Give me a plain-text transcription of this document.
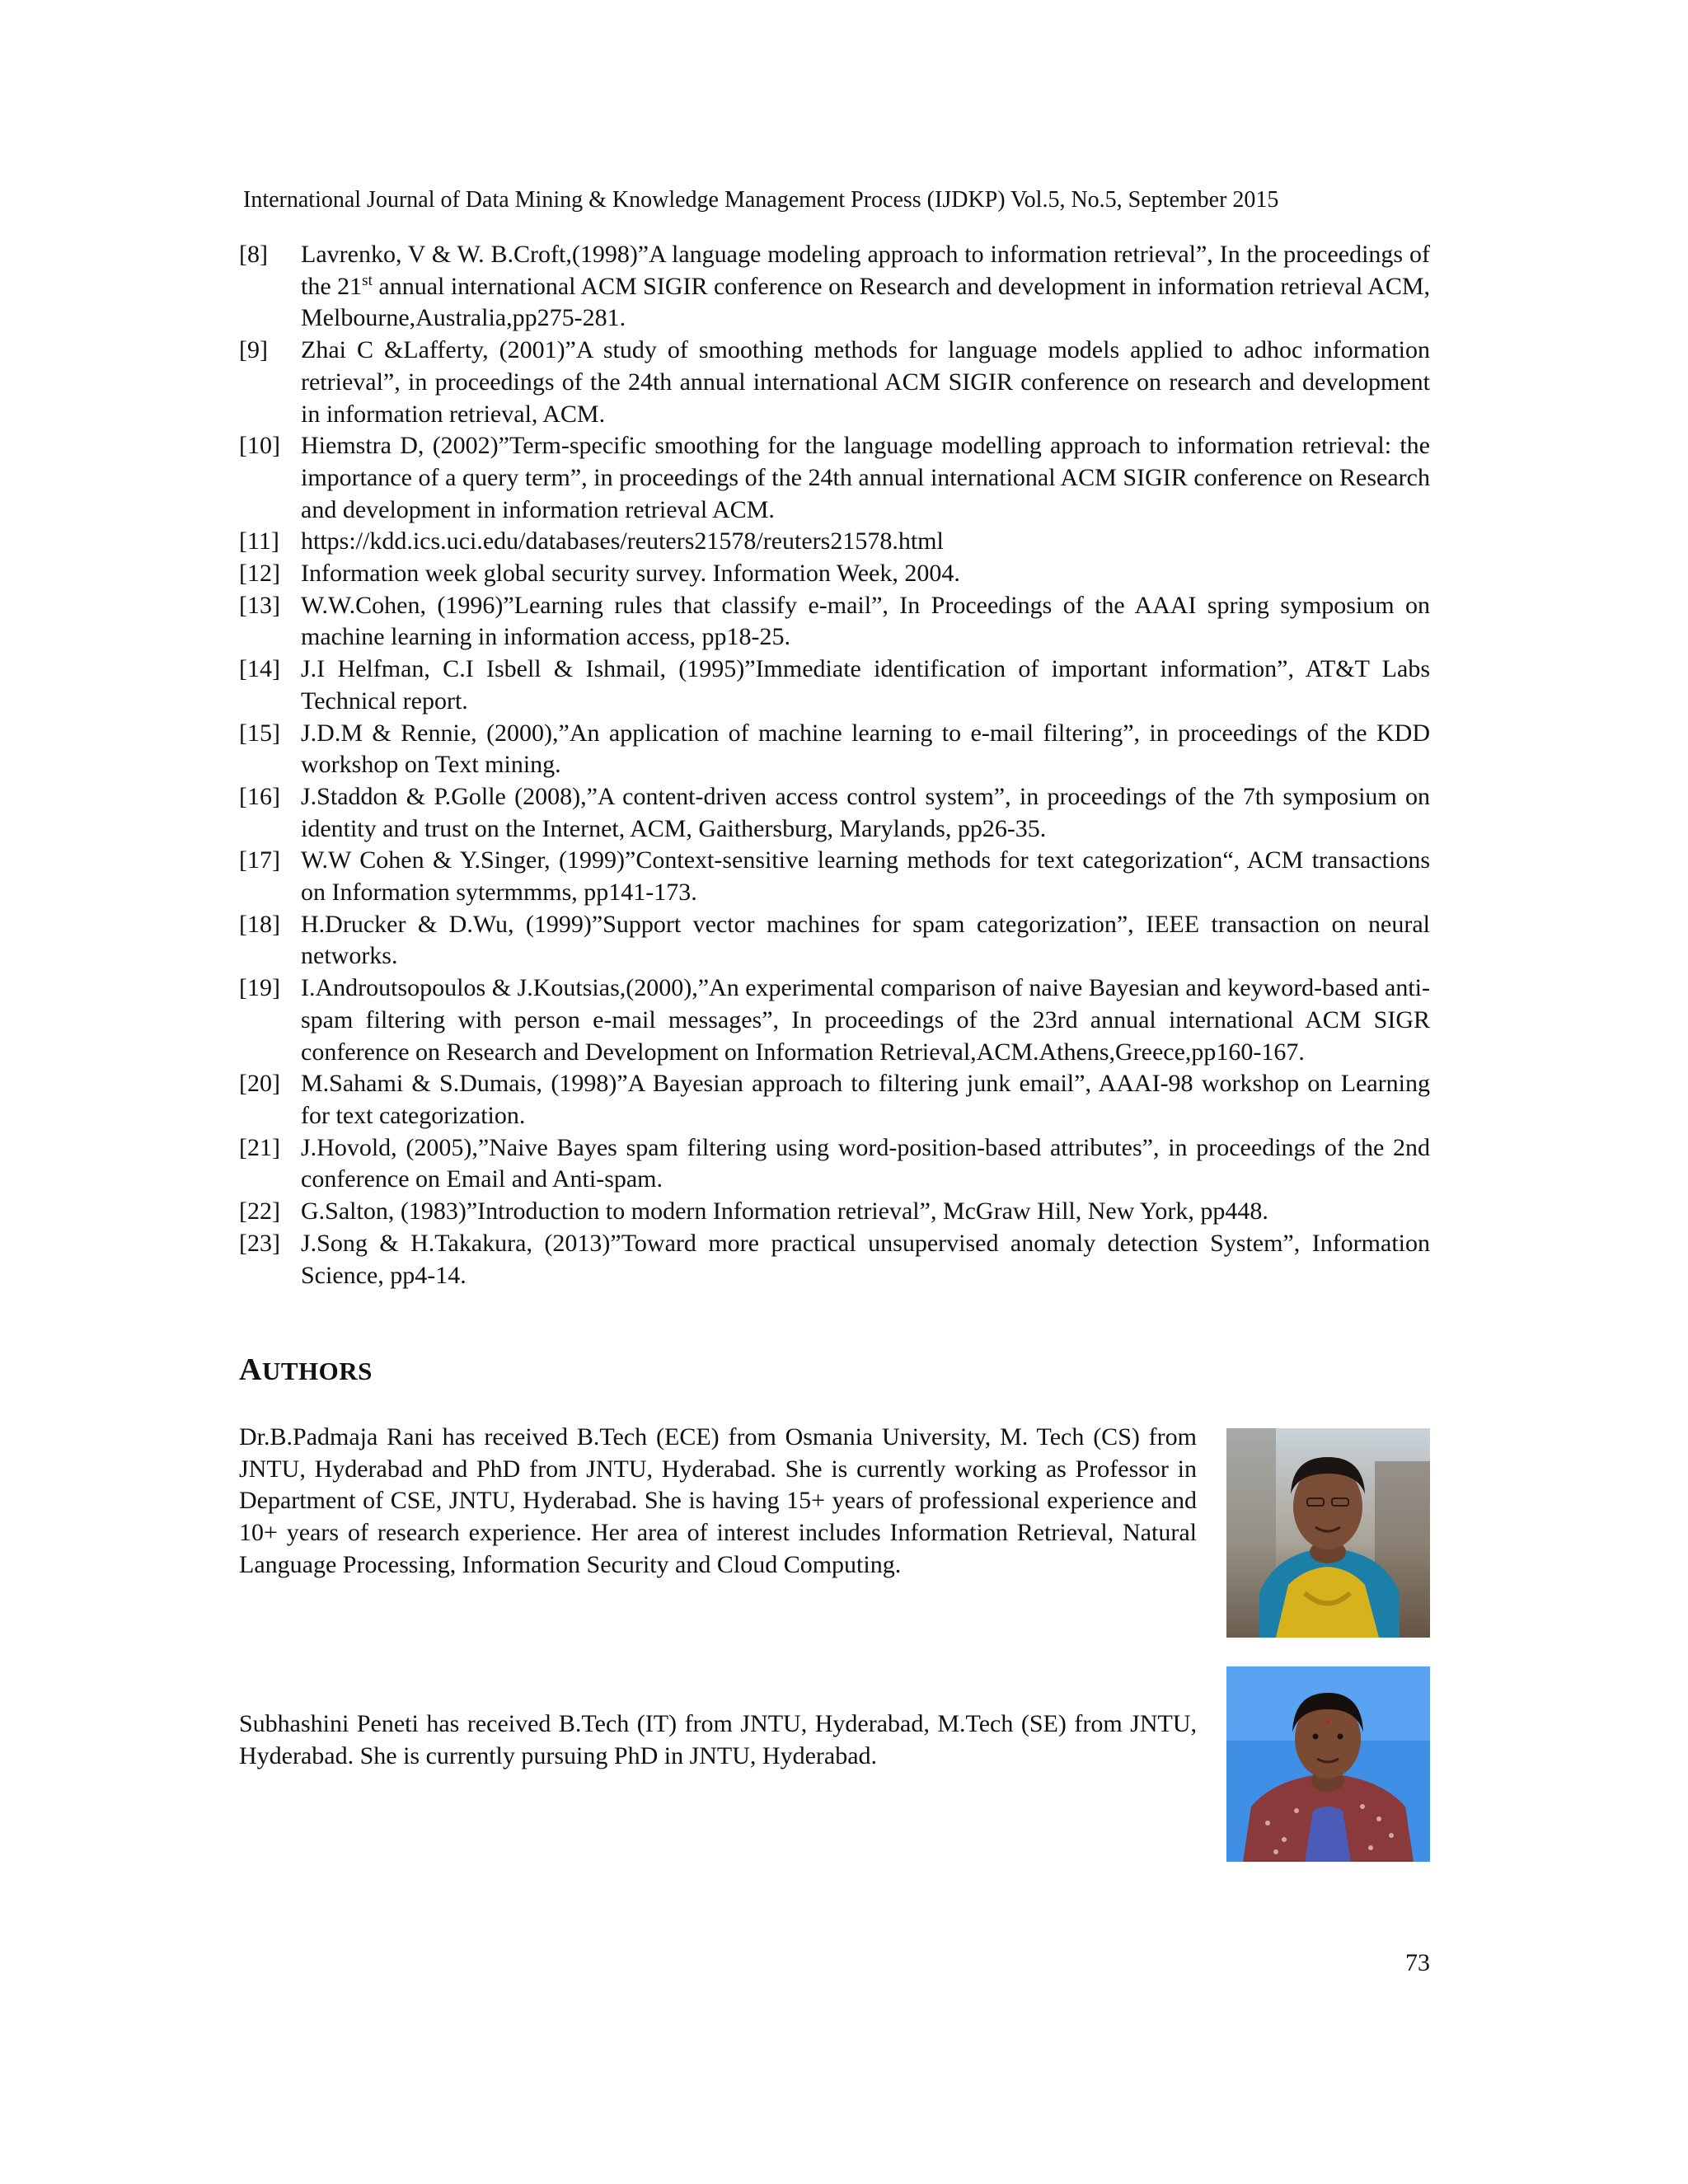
International Journal of Data Mining & Knowledge Management Process (IJDKP) Vol.5, No.5, September 2015
[8]	Lavrenko, V & W. B.Croft,(1998)”A language modeling approach to information retrieval”, In the proceedings of the 21st annual international ACM SIGIR conference on Research and development in information retrieval ACM, Melbourne,Australia,pp275-281.
[9]	Zhai C &Lafferty, (2001)”A study of smoothing methods for language models applied to adhoc information retrieval”, in proceedings of the 24th annual international ACM SIGIR conference on research and development in information retrieval, ACM.
[10] Hiemstra D, (2002)”Term-specific smoothing for the language modelling approach to information retrieval: the importance of a query term”, in proceedings of the 24th annual international ACM SIGIR conference on Research and development in information retrieval ACM.
[11] https://kdd.ics.uci.edu/databases/reuters21578/reuters21578.html
[12] Information week global security survey. Information Week, 2004.
[13] W.W.Cohen, (1996)”Learning rules that classify e-mail”, In Proceedings of the AAAI spring symposium on machine learning in information access, pp18-25.
[14] J.I Helfman, C.I Isbell & Ishmail, (1995)”Immediate identification of important information”, AT&T Labs Technical report.
[15] J.D.M & Rennie, (2000),”An application of machine learning to e-mail filtering”, in proceedings of the KDD workshop on Text mining.
[16] J.Staddon & P.Golle (2008),”A content-driven access control system”, in proceedings of the 7th symposium on identity and trust on the Internet, ACM, Gaithersburg, Marylands, pp26-35.
[17] W.W Cohen & Y.Singer, (1999)”Context-sensitive learning methods for text categorization“, ACM transactions on Information sytermmms, pp141-173.
[18] H.Drucker & D.Wu, (1999)”Support vector machines for spam categorization”, IEEE transaction on neural networks.
[19] I.Androutsopoulos & J.Koutsias,(2000),”An experimental comparison of naive Bayesian and keyword-based anti-spam filtering with person e-mail messages”, In proceedings of the 23rd annual international ACM SIGR conference on Research and Development on Information Retrieval,ACM.Athens,Greece,pp160-167.
[20] M.Sahami & S.Dumais, (1998)”A Bayesian approach to filtering junk email”, AAAI-98 workshop on Learning for text categorization.
[21] J.Hovold, (2005),”Naive Bayes spam filtering using word-position-based attributes”, in proceedings of the 2nd conference on Email and Anti-spam.
[22] G.Salton, (1983)”Introduction to modern Information retrieval”, McGraw Hill, New York, pp448.
[23] J.Song & H.Takakura, (2013)”Toward more practical unsupervised anomaly detection System”, Information Science, pp4-14.
AUTHORS
Dr.B.Padmaja Rani has received B.Tech (ECE) from Osmania University, M. Tech (CS) from JNTU, Hyderabad and PhD from JNTU, Hyderabad. She is currently working as Professor in Department of CSE, JNTU, Hyderabad. She is having 15+ years of professional experience and 10+ years of research experience. Her area of interest includes Information Retrieval, Natural Language Processing, Information Security and Cloud Computing.
Subhashini Peneti has received B.Tech (IT) from JNTU, Hyderabad, M.Tech (SE) from JNTU, Hyderabad. She is currently pursuing PhD in JNTU, Hyderabad.
73
